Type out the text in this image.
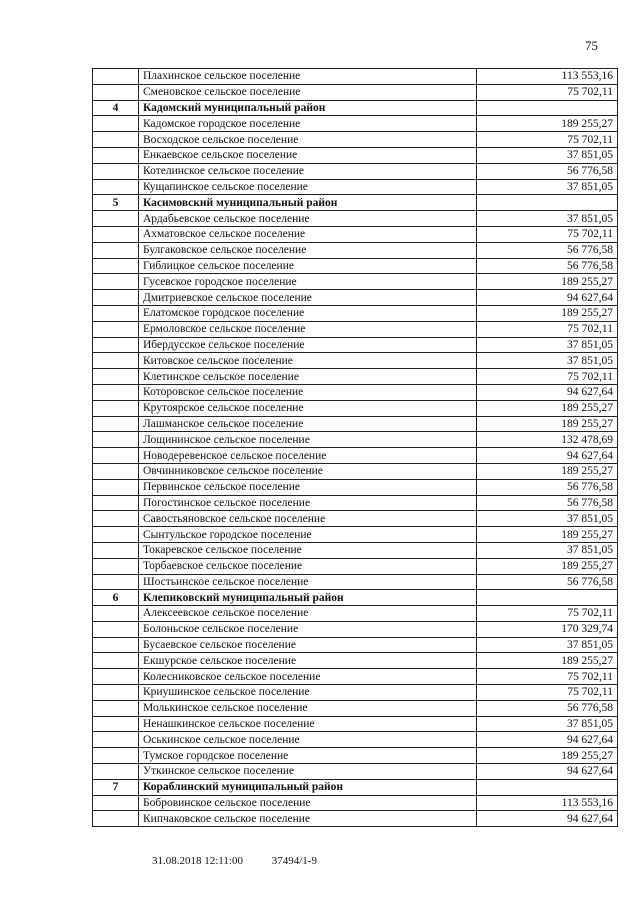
75
	Плахинское сельское поселение	113 553,16
	Сменовское сельское поселение	75 702,11
4	Кадомский муниципальный район	
	Кадомское городское поселение	189 255,27
	Восходское сельское поселение	75 702,11
	Енкаевское сельское поселение	37 851,05
	Котелинское сельское поселение	56 776,58
	Кущапинское сельское поселение	37 851,05
5	Касимовский муниципальный район	
	Ардабьевское сельское поселение	37 851,05
	Ахматовское сельское поселение	75 702,11
	Булгаковское сельское поселение	56 776,58
	Гиблицкое сельское поселение	56 776,58
	Гусевское городское поселение	189 255,27
	Дмитриевское сельское поселение	94 627,64
	Елатомское городское поселение	189 255,27
	Ермоловское сельское поселение	75 702,11
	Ибердусское сельское поселение	37 851,05
	Китовское сельское поселение	37 851,05
	Клетинское сельское поселение	75 702,11
	Которовское сельское поселение	94 627,64
	Крутоярское сельское поселение	189 255,27
	Лашманское сельское поселение	189 255,27
	Лощининское сельское поселение	132 478,69
	Новодеревенское сельское поселение	94 627,64
	Овчинниковское сельское поселение	189 255,27
	Первинское сельское поселение	56 776,58
	Погостинское сельское поселение	56 776,58
	Савостьяновское сельское поселение	37 851,05
	Сынтульское городское поселение	189 255,27
	Токаревское сельское поселение	37 851,05
	Торбаевское сельское поселение	189 255,27
	Шостьинское сельское поселение	56 776,58
6	Клепиковский муниципальный район	
	Алексеевское сельское поселение	75 702,11
	Болоньское сельское поселение	170 329,74
	Бусаевское сельское поселение	37 851,05
	Екшурское сельское поселение	189 255,27
	Колесниковское сельское поселение	75 702,11
	Криушинское сельское поселение	75 702,11
	Молькинское сельское поселение	56 776,58
	Ненашкинское сельское поселение	37 851,05
	Оськинское сельское поселение	94 627,64
	Тумское городское поселение	189 255,27
	Уткинское сельское поселение	94 627,64
7	Кораблинский муниципальный район	
	Бобровинское сельское поселение	113 553,16
	Кипчаковское сельское поселение	94 627,64
31.08.2018 12:11:00	37494/1-9
